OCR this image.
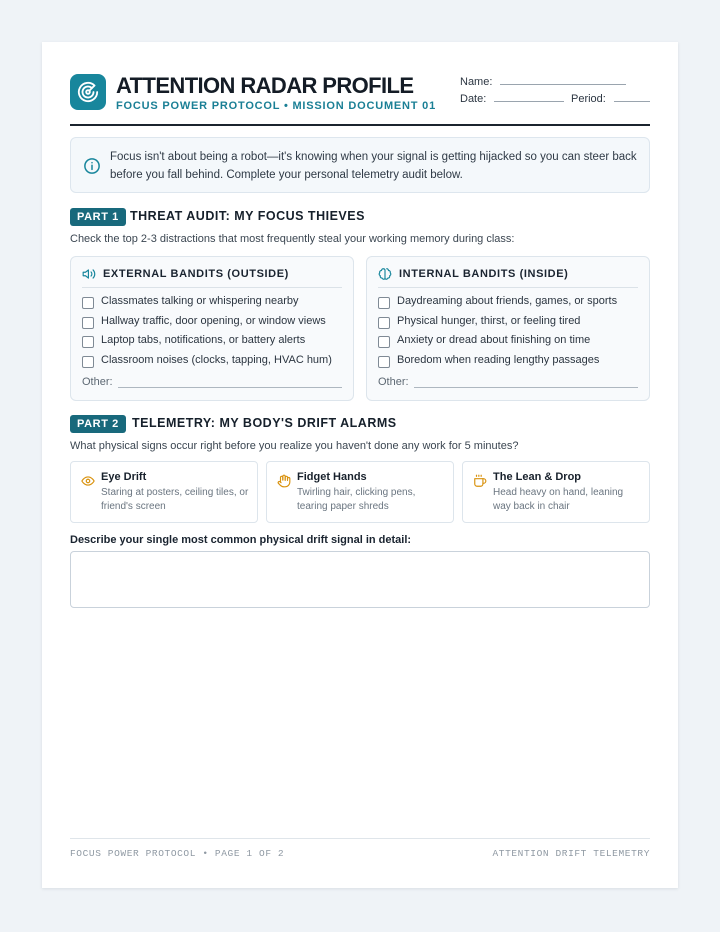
ATTENTION RADAR PROFILE
FOCUS POWER PROTOCOL • MISSION DOCUMENT 01
Name:
Date:	Period:
Focus isn't about being a robot—it's knowing when your signal is getting hijacked so you can steer back before you fall behind. Complete your personal telemetry audit below.
PART 1 THREAT AUDIT: MY FOCUS THIEVES
Check the top 2-3 distractions that most frequently steal your working memory during class:
EXTERNAL BANDITS (OUTSIDE)
Classmates talking or whispering nearby
Hallway traffic, door opening, or window views
Laptop tabs, notifications, or battery alerts
Classroom noises (clocks, tapping, HVAC hum)
Other:
INTERNAL BANDITS (INSIDE)
Daydreaming about friends, games, or sports
Physical hunger, thirst, or feeling tired
Anxiety or dread about finishing on time
Boredom when reading lengthy passages
Other:
PART 2	TELEMETRY: MY BODY'S DRIFT ALARMS
What physical signs occur right before you realize you haven't done any work for 5 minutes?
Eye Drift
Staring at posters, ceiling tiles, or friend's screen
Fidget Hands
Twirling hair, clicking pens, tearing paper shreds
The Lean & Drop
Head heavy on hand, leaning way back in chair
Describe your single most common physical drift signal in detail:
FOCUS POWER PROTOCOL • PAGE 1 OF 2	ATTENTION DRIFT TELEMETRY
